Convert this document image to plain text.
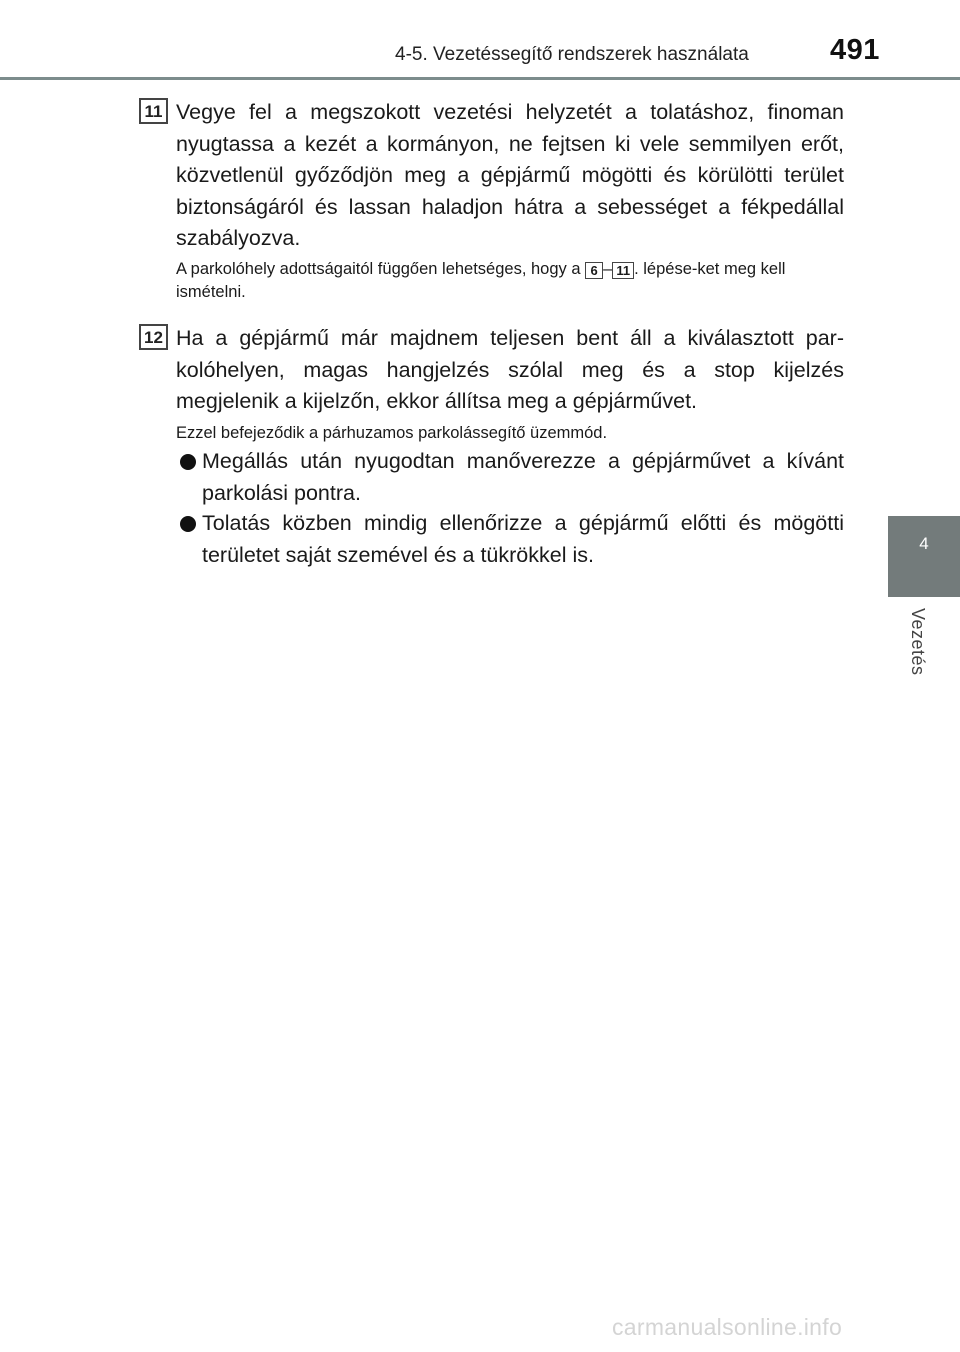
4-5. Vezetéssegítő rendszerek használata	491
4
Vezetés
11 Vegye fel a megszokott vezetési helyzetét a tolatáshoz, finoman nyugtassa a kezét a kormányon, ne fejtsen ki vele semmilyen erőt, közvetlenül győződjön meg a gépjármű mögötti és körülötti terület biztonságáról és lassan haladjon hátra a sebességet a fékpedállal szabályozva.
A parkolóhely adottságaitól függően lehetséges, hogy a 6 – 11 . lépése-ket meg kell ismételni.
12 Ha a gépjármű már majdnem teljesen bent áll a kiválasztott par-kolóhelyen, magas hangjelzés szólal meg és a stop kijelzés megjelenik a kijelzőn, ekkor állítsa meg a gépjárművet.
Ezzel befejeződik a párhuzamos parkolássegítő üzemmód.
Megállás után nyugodtan manőverezze a gépjárművet a kívánt parkolási pontra.
Tolatás közben mindig ellenőrizze a gépjármű előtti és mögötti területet saját szemével és a tükrökkel is.
carmanualsonline.info
